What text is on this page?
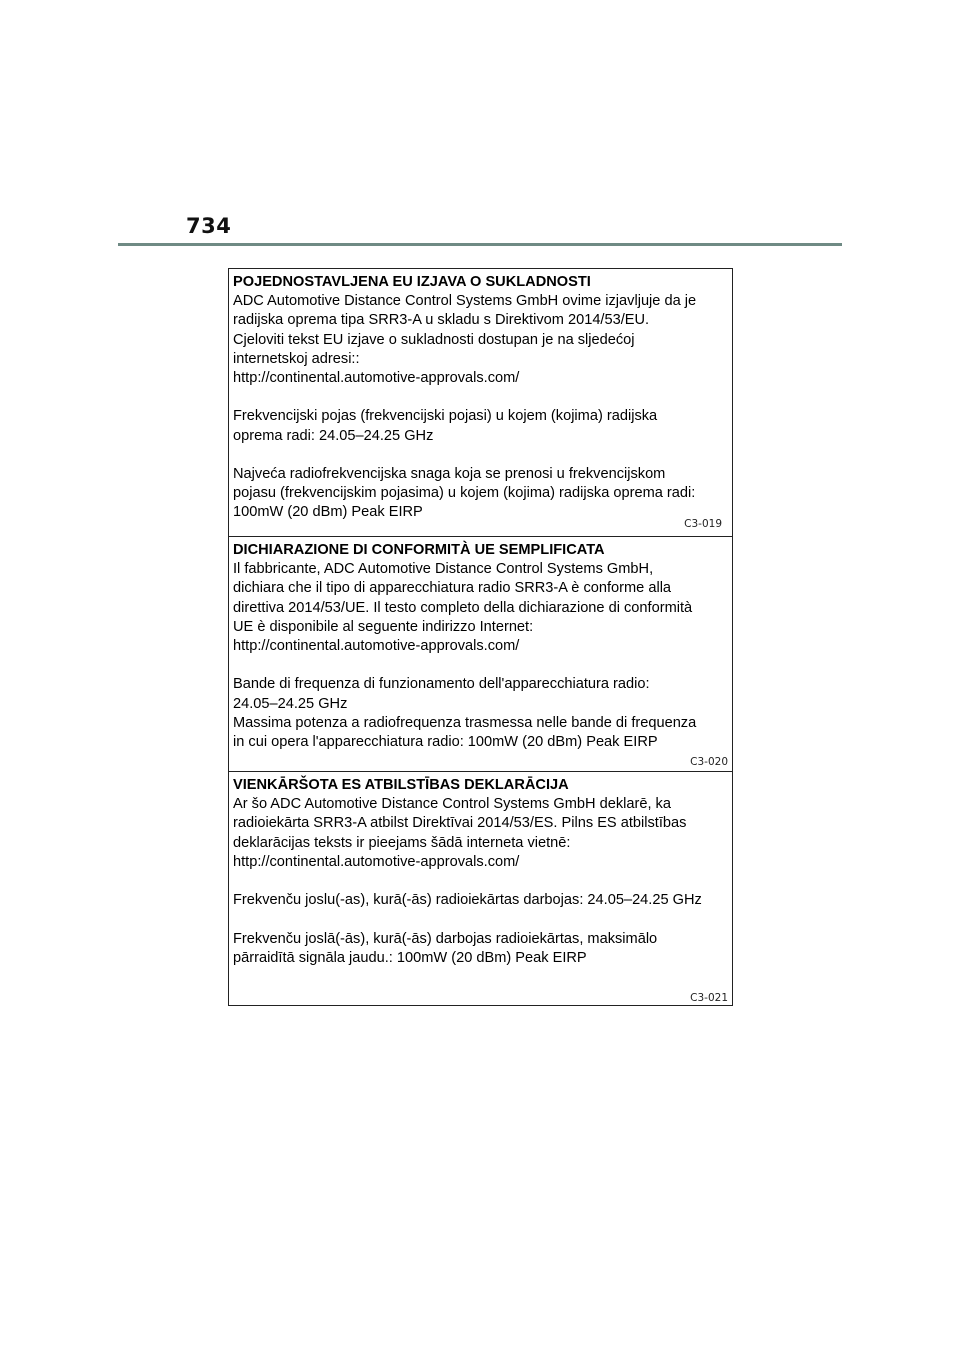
734

POJEDNOSTAVLJENA EU IZJAVA O SUKLADNOSTI

ADC Automotive Distance Control Systems GmbH ovime izjavljuje da je
radijska oprema tipa SRR3-A u skladu s Direktivom 2014/53/EU.
Cjeloviti tekst EU izjave o sukladnosti dostupan je na sljedećoj
internetskoj adresi::
http://continental.automotive-approvals.com/

Frekvencijski pojas (frekvencijski pojasi) u kojem (kojima) radijska
oprema radi: 24.05–24.25 GHz

Najveća radiofrekvencijska snaga koja se prenosi u frekvencijskom
pojasu (frekvencijskim pojasima) u kojem (kojima) radijska oprema radi:
100mW (20 dBm) Peak EIRP

C3-019

DICHIARAZIONE DI CONFORMITÀ UE SEMPLIFICATA

Il fabbricante, ADC Automotive Distance Control Systems GmbH,
dichiara che il tipo di apparecchiatura radio SRR3-A è conforme alla
direttiva 2014/53/UE. Il testo completo della dichiarazione di conformità
UE è disponibile al seguente indirizzo Internet:
http://continental.automotive-approvals.com/

Bande di frequenza di funzionamento dell'apparecchiatura radio:
24.05–24.25 GHz
Massima potenza a radiofrequenza trasmessa nelle bande di frequenza
in cui opera l'apparecchiatura radio: 100mW (20 dBm) Peak EIRP

C3-020

VIENKĀRŠOTA ES ATBILSTĪBAS DEKLARĀCIJA

Ar šo ADC Automotive Distance Control Systems GmbH deklarē, ka
radioiekārta SRR3-A atbilst Direktīvai 2014/53/ES. Pilns ES atbilstības
deklarācijas teksts ir pieejams šādā interneta vietnē:
http://continental.automotive-approvals.com/

Frekvenču joslu(-as), kurā(-ās) radioiekārtas darbojas: 24.05–24.25 GHz

Frekvenču joslā(-ās), kurā(-ās) darbojas radioiekārtas, maksimālo
pārraidītā signāla jaudu.: 100mW (20 dBm) Peak EIRP

C3-021
